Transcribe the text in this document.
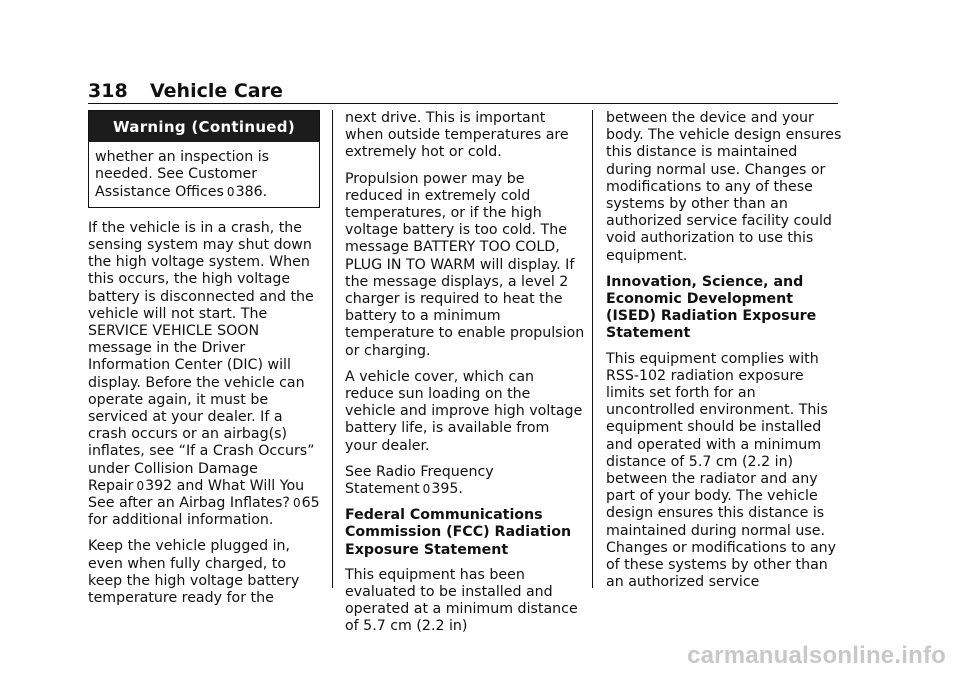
318 Vehicle Care
Warning (Continued)
whether an inspection is needed. See Customer Assistance Offices 0386.

If the vehicle is in a crash, the sensing system may shut down the high voltage system. When this occurs, the high voltage battery is disconnected and the vehicle will not start. The SERVICE VEHICLE SOON message in the Driver Information Center (DIC) will display. Before the vehicle can operate again, it must be serviced at your dealer. If a crash occurs or an airbag(s) inflates, see “If a Crash Occurs” under Collision Damage Repair 0392 and What Will You See after an Airbag Inflates? 065 for additional information.

Keep the vehicle plugged in, even when fully charged, to keep the high voltage battery temperature ready for the

next drive. This is important when outside temperatures are extremely hot or cold.

Propulsion power may be reduced in extremely cold temperatures, or if the high voltage battery is too cold. The message BATTERY TOO COLD, PLUG IN TO WARM will display. If the message displays, a level 2 charger is required to heat the battery to a minimum temperature to enable propulsion or charging.

A vehicle cover, which can reduce sun loading on the vehicle and improve high voltage battery life, is available from your dealer.

See Radio Frequency Statement 0395.

Federal Communications Commission (FCC) Radiation Exposure Statement

This equipment has been evaluated to be installed and operated at a minimum distance of 5.7 cm (2.2 in)

between the device and your body. The vehicle design ensures this distance is maintained during normal use. Changes or modifications to any of these systems by other than an authorized service facility could void authorization to use this equipment.

Innovation, Science, and Economic Development (ISED) Radiation Exposure Statement

This equipment complies with RSS-102 radiation exposure limits set forth for an uncontrolled environment. This equipment should be installed and operated with a minimum distance of 5.7 cm (2.2 in) between the radiator and any part of your body. The vehicle design ensures this distance is maintained during normal use. Changes or modifications to any of these systems by other than an authorized service

carmanualsonline.info
